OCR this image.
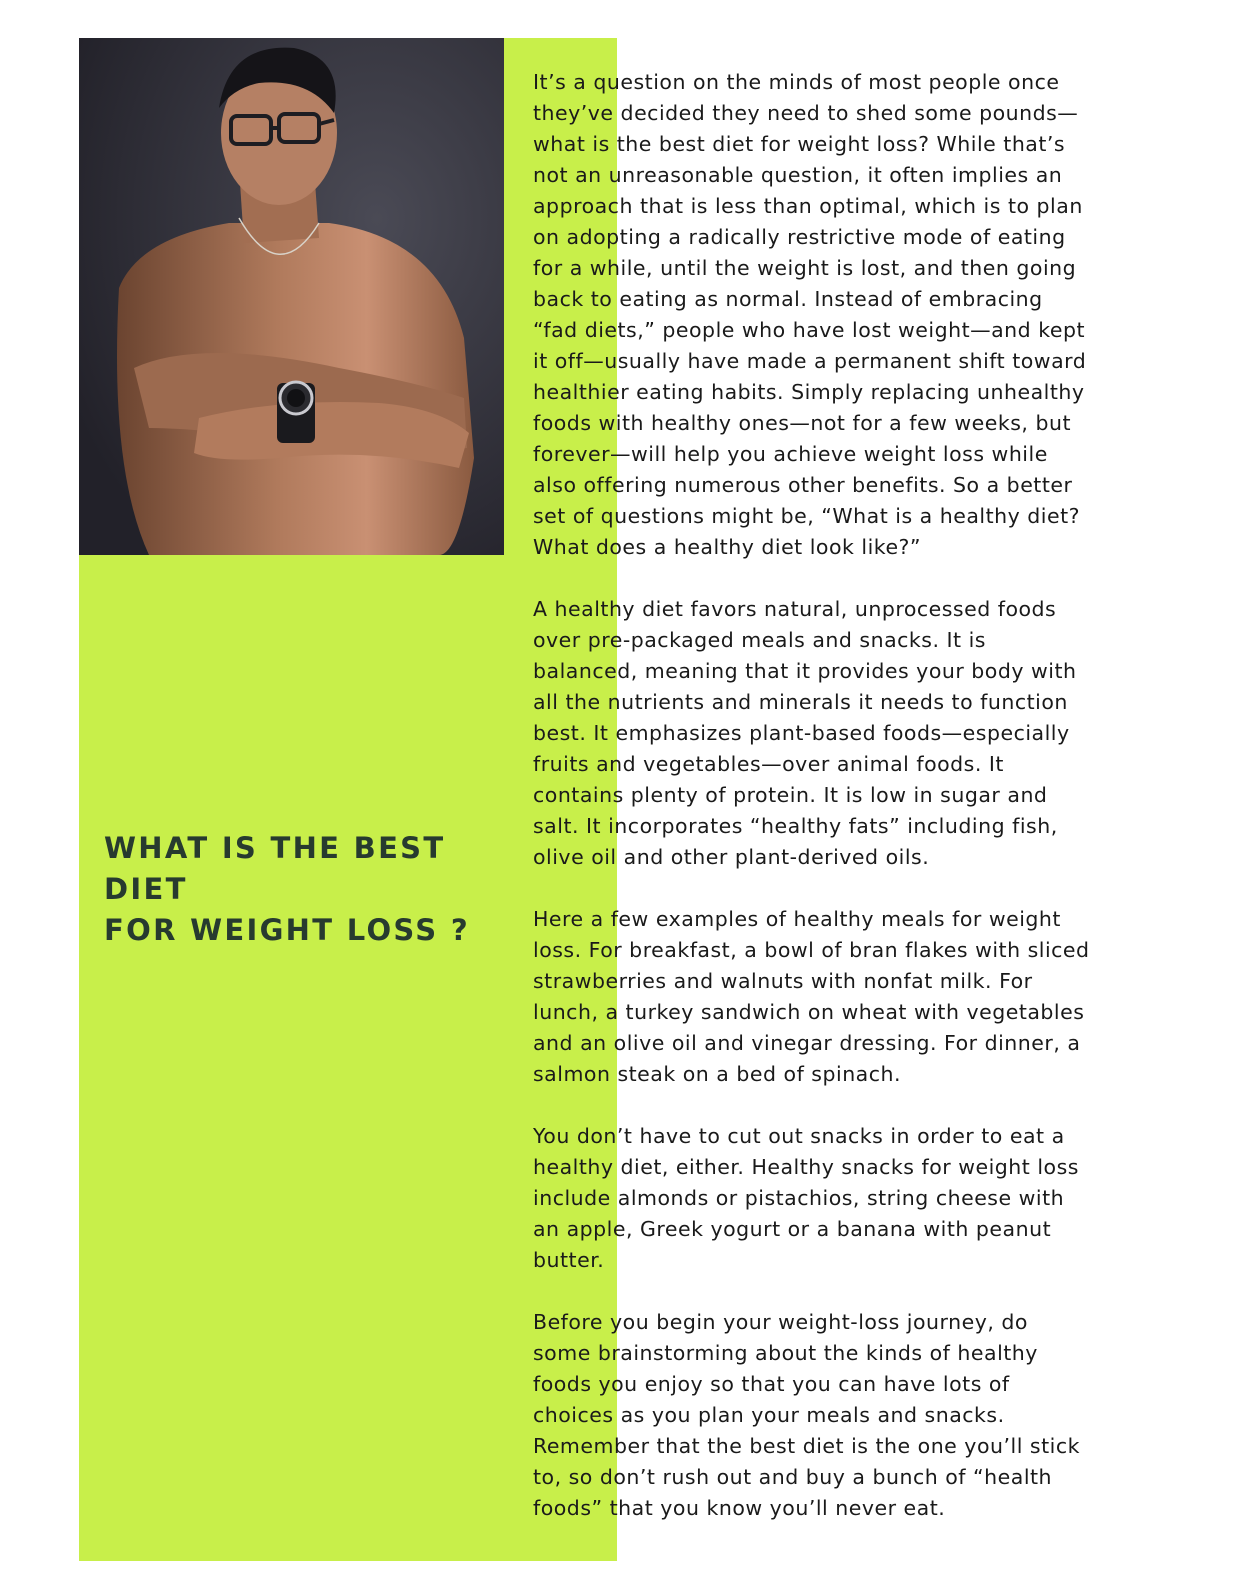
WHAT IS THE BEST DIET
FOR WEIGHT LOSS ?

It’s a question on the minds of most people once
they’ve decided they need to shed some pounds—
what is the best diet for weight loss? While that’s
not an unreasonable question, it often implies an
approach that is less than optimal, which is to plan
on adopting a radically restrictive mode of eating
for a while, until the weight is lost, and then going
back to eating as normal. Instead of embracing
“fad diets,” people who have lost weight—and kept
it off—usually have made a permanent shift toward
healthier eating habits. Simply replacing unhealthy
foods with healthy ones—not for a few weeks, but
forever—will help you achieve weight loss while
also offering numerous other benefits. So a better
set of questions might be, “What is a healthy diet?
What does a healthy diet look like?”

A healthy diet favors natural, unprocessed foods
over pre-packaged meals and snacks. It is
balanced, meaning that it provides your body with
all the nutrients and minerals it needs to function
best. It emphasizes plant-based foods—especially
fruits and vegetables—over animal foods. It
contains plenty of protein. It is low in sugar and
salt. It incorporates “healthy fats” including fish,
olive oil and other plant-derived oils.

Here a few examples of healthy meals for weight
loss. For breakfast, a bowl of bran flakes with sliced
strawberries and walnuts with nonfat milk. For
lunch, a turkey sandwich on wheat with vegetables
and an olive oil and vinegar dressing. For dinner, a
salmon steak on a bed of spinach.

You don’t have to cut out snacks in order to eat a
healthy diet, either. Healthy snacks for weight loss
include almonds or pistachios, string cheese with
an apple, Greek yogurt or a banana with peanut
butter.

Before you begin your weight-loss journey, do
some brainstorming about the kinds of healthy
foods you enjoy so that you can have lots of
choices as you plan your meals and snacks.
Remember that the best diet is the one you’ll stick
to, so don’t rush out and buy a bunch of “health
foods” that you know you’ll never eat.
